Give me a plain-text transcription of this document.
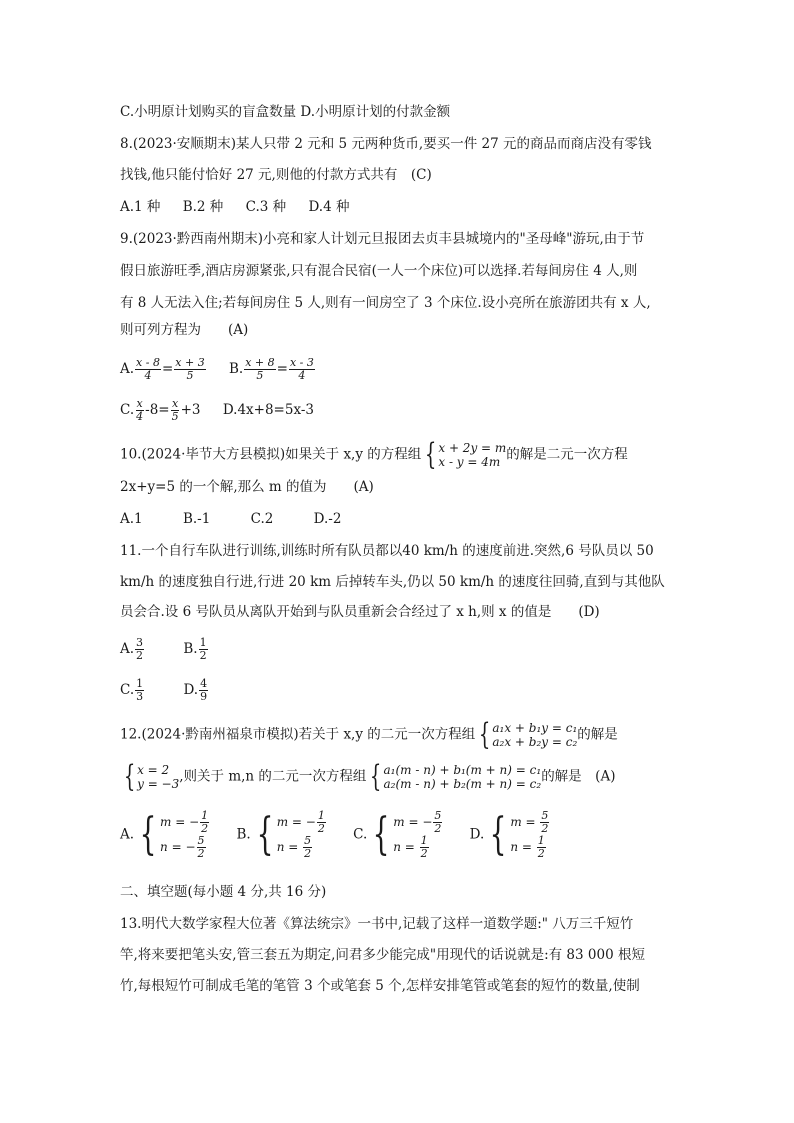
C.小明原计划购买的盲盒数量 D.小明原计划的付款金额
8.(2023·安顺期末)某人只带 2 元和 5 元两种货币,要买一件 27 元的商品而商店没有零钱
找钱,他只能付恰好 27 元,则他的付款方式共有　(C)
A.1 种 B.2 种 C.3 种 D.4 种
9.(2023·黔西南州期末)小亮和家人计划元旦报团去贞丰县城境内的"圣母峰"游玩,由于节
假日旅游旺季,酒店房源紧张,只有混合民宿(一人一个床位)可以选择.若每间房住 4 人,则
有 8 人无法入住;若每间房住 5 人,则有一间房空了 3 个床位.设小亮所在旅游团共有 x 人,
则可列方程为　　(A)
A. $\frac{x - 8}{4} = \frac{x + 3}{5} B$. $\frac{x + 8}{5} = \frac{x - 3}{4}$
C. $\frac{x}{4} -8= \frac{x}{5} +3$ D.4x+8=5x-3
10.(2024·毕节大方县模拟)如果关于 x,y 的方程组 { x + 2y = m
x - y = 4m 的解是二元一次方程
2x+y=5 的一个解,那么 m 的值为　　(A)
A.1	B.-1	C.2	D.-2
11.一个自行车队进行训练,训练时所有队员都以40 km/h 的速度前进.突然,6 号队员以 50
km/h 的速度独自行进,行进 20 km 后掉转车头,仍以 50 km/h 的速度往回骑,直到与其他队
员会合.设 6 号队员从离队开始到与队员重新会合经过了 x h,则 x 的值是　　(D)
A. $\frac{3}{2}$	B. $\frac{1}{2}$
C. $\frac{1}{3}$	D. $\frac{4}{9}$
12.(2024·黔南州福泉市模拟)若关于 x,y 的二元一次方程组 { a₁x + b₁y = c₁
a₂x + b₂y = c₂ 的解是
{ x = 2
y = −3 ,则关于 m,n 的二元一次方程组 { a₁(m - n) + b₁(m + n) = c₁
a₂(m - n) + b₂(m + n) = c₂ 的解是　(A)
A. { m = − $\frac{1}{2}$
n = − $\frac{5}{2}$
B. { m = − $\frac{1}{2}$
$n = \frac{5}{2}$
C. { m = − $\frac{5}{2}$
$n = \frac{1}{2}$
D. { $m = \frac{5}{2}$
$n = \frac{1}{2}$
二、填空题(每小题 4 分,共 16 分)
13.明代大数学家程大位著《算法统宗》一书中,记载了这样一道数学题:" 八万三千短竹
竿,将来要把笔头安,管三套五为期定,问君多少能完成"用现代的话说就是:有 83 000 根短
竹,每根短竹可制成毛笔的笔管 3 个或笔套 5 个,怎样安排笔管或笔套的短竹的数量,使制
